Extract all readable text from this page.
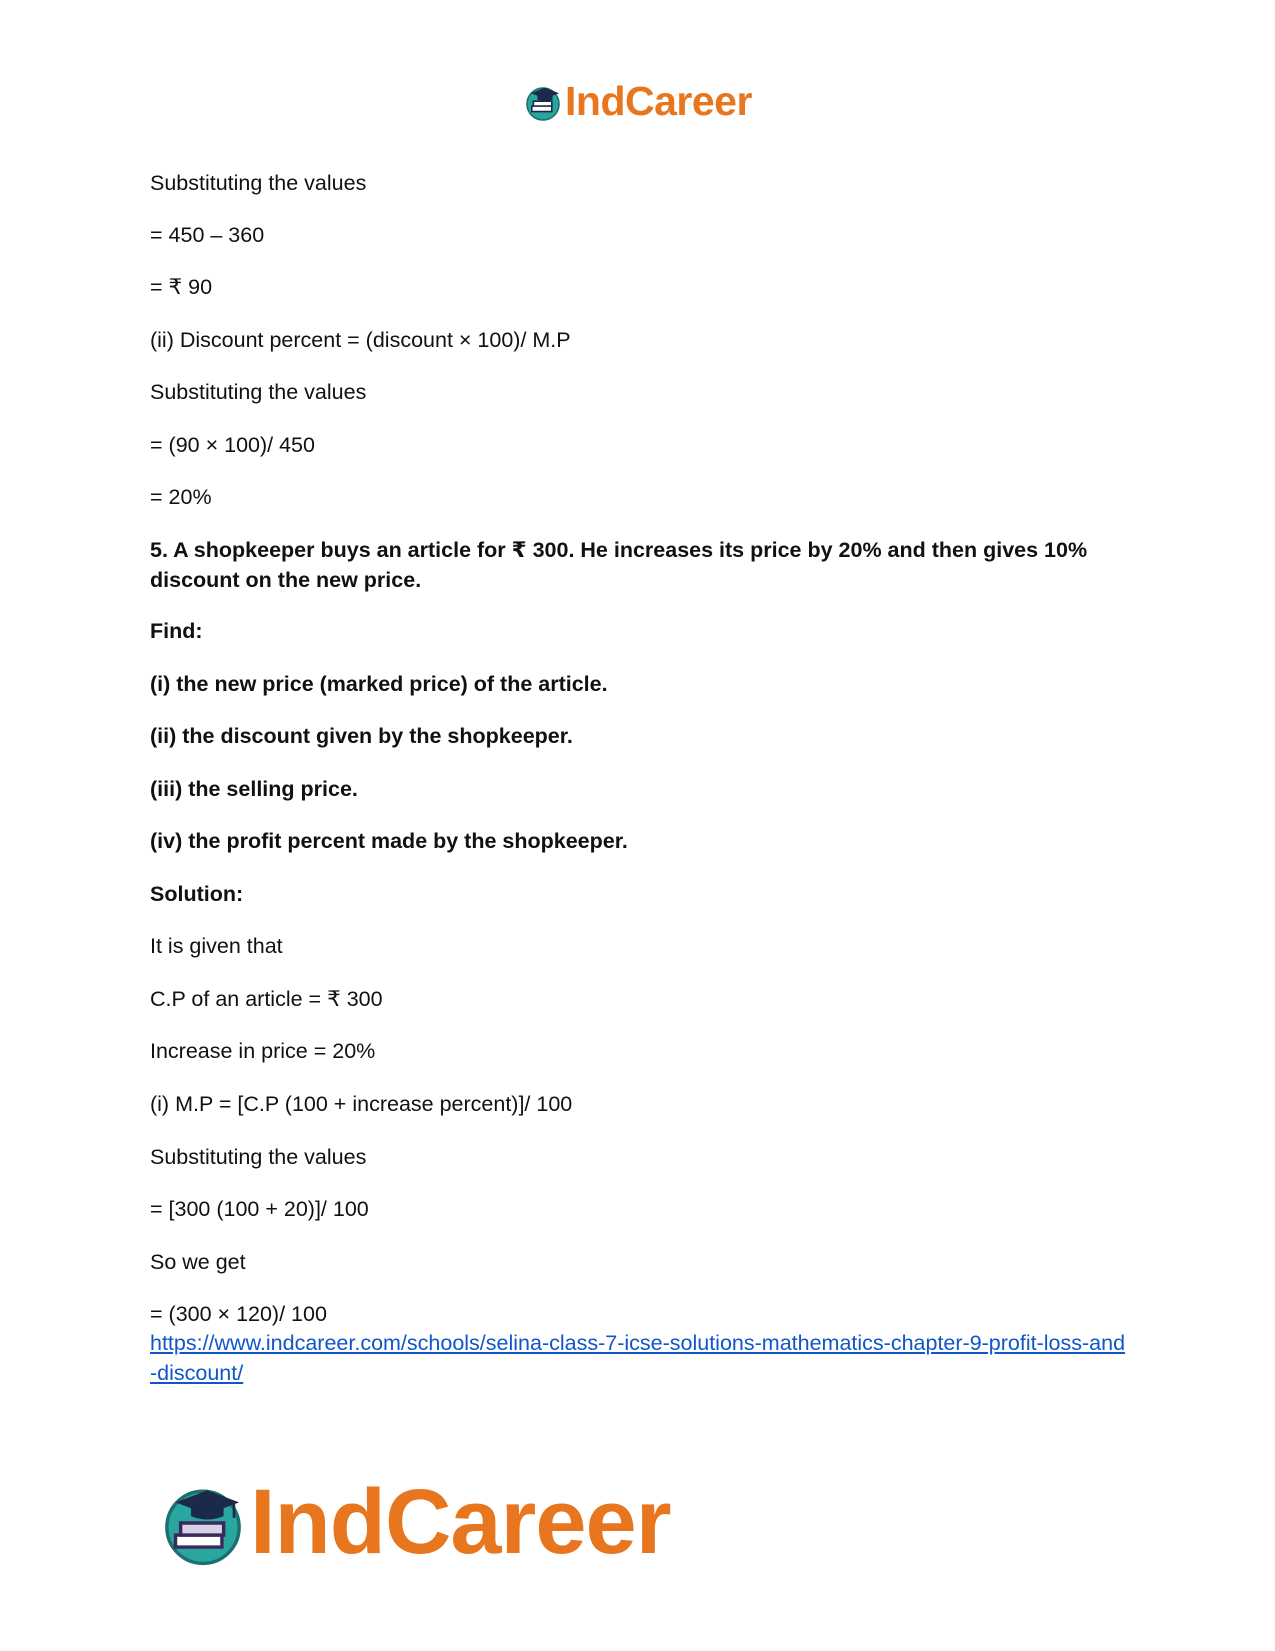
IndCareer
Substituting the values
= 450 – 360
= ₹ 90
(ii) Discount percent = (discount × 100)/ M.P
Substituting the values
= (90 × 100)/ 450
= 20%
5. A shopkeeper buys an article for ₹ 300. He increases its price by 20% and then gives 10% discount on the new price.
Find:
(i) the new price (marked price) of the article.
(ii) the discount given by the shopkeeper.
(iii) the selling price.
(iv) the profit percent made by the shopkeeper.
Solution:
It is given that
C.P of an article = ₹ 300
Increase in price = 20%
(i) M.P = [C.P (100 + increase percent)]/ 100
Substituting the values
= [300 (100 + 20)]/ 100
So we get
= (300 × 120)/ 100
https://www.indcareer.com/schools/selina-class-7-icse-solutions-mathematics-chapter-9-profit-loss-and-discount/
IndCareer
